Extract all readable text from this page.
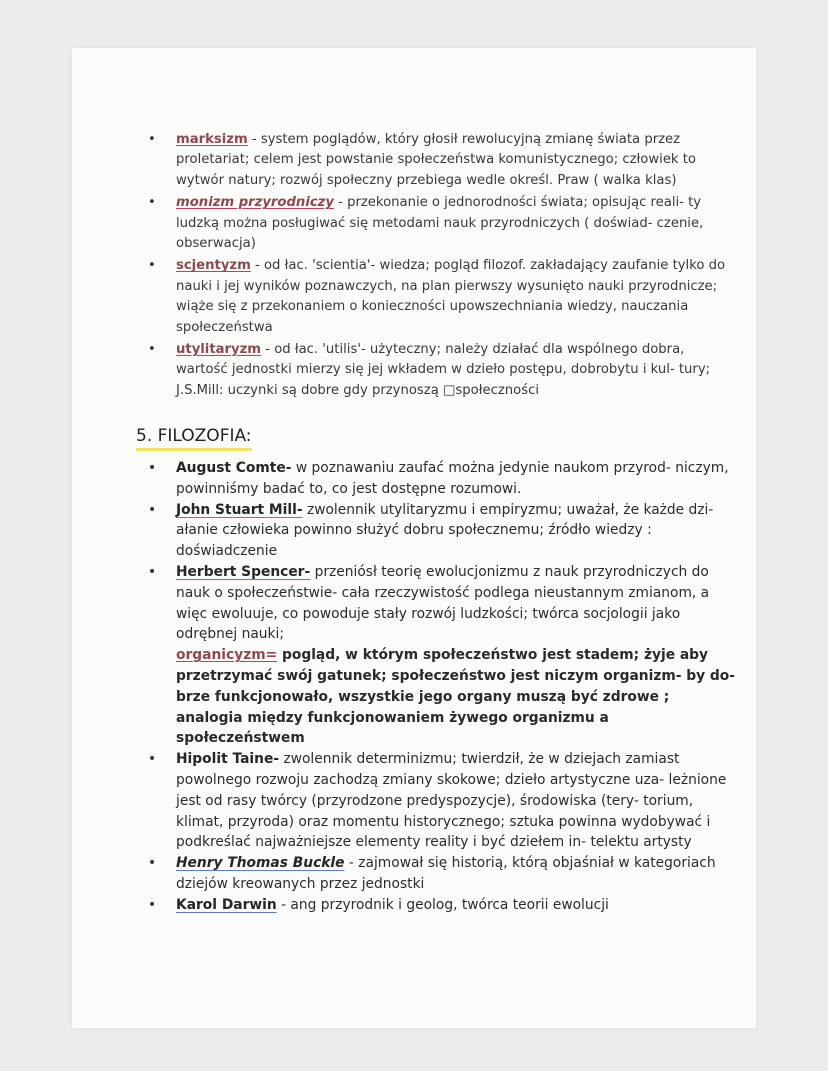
• marksizm - system poglądów, który głosił rewolucyjną zmianę świata przez proletariat; celem jest powstanie społeczeństwa komunistycznego; człowiek to wytwór natury; rozwój społeczny przebiega wedle określ. Praw ( walka klas)
• monizm przyrodniczy - przekonanie o jednorodności świata; opisując reali- ty ludzką można posługiwać się metodami nauk przyrodniczych ( doświad- czenie, obserwacja)
• scjentyzm - od łac. 'scientia'- wiedza; pogląd filozof. zakładający zaufanie tylko do nauki i jej wyników poznawczych, na plan pierwszy wysunięto nauki przyrodnicze; wiąże się z przekonaniem o konieczności upowszechniania wiedzy, nauczania społeczeństwa
• utylitaryzm - od łac. 'utilis'- użyteczny; należy działać dla wspólnego dobra, wartość jednostki mierzy się jej wkładem w dzieło postępu, dobrobytu i kul- tury; J.S.Mill: uczynki są dobre gdy przynoszą □społeczności
5. FILOZOFIA:
• August Comte- w poznawaniu zaufać można jedynie naukom przyrod- niczym, powinniśmy badać to, co jest dostępne rozumowi.
• John Stuart Mill- zwolennik utylitaryzmu i empiryzmu; uważał, że każde dzi- ałanie człowieka powinno służyć dobru społecznemu; źródło wiedzy : doświadczenie
• Herbert Spencer- przeniósł teorię ewolucjonizmu z nauk przyrodniczych do nauk o społeczeństwie- cała rzeczywistość podlega nieustannym zmianom, a więc ewoluuje, co powoduje stały rozwój ludzkości; twórca socjologii jako odrębnej nauki;
organicyzm= pogląd, w którym społeczeństwo jest stadem; żyje aby przetrzymać swój gatunek; społeczeństwo jest niczym organizm- by do- brze funkcjonowało, wszystkie jego organy muszą być zdrowe ; analogia między funkcjonowaniem żywego organizmu a społeczeństwem
• Hipolit Taine- zwolennik determinizmu; twierdził, że w dziejach zamiast powolnego rozwoju zachodzą zmiany skokowe; dzieło artystyczne uza- leżnione jest od rasy twórcy (przyrodzone predyspozycje), środowiska (tery- torium, klimat, przyroda) oraz momentu historycznego; sztuka powinna wydobywać i podkreślać najważniejsze elementy reality i być dziełem in- telektu artysty
• Henry Thomas Buckle - zajmował się historią, którą objaśniał w kategoriach dziejów kreowanych przez jednostki
• Karol Darwin - ang przyrodnik i geolog, twórca teorii ewolucji
